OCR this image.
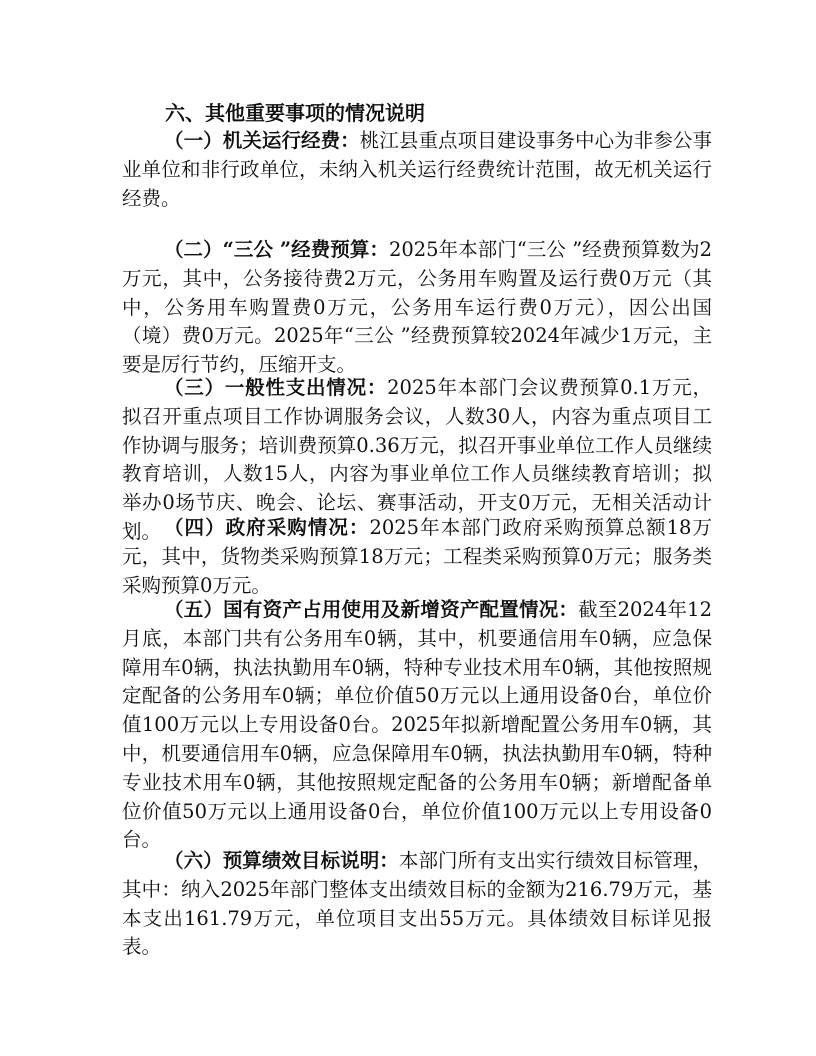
六、其他重要事项的情况说明

（一）机关运行经费：桃江县重点项目建设事务中心为非参公事业单位和非行政单位，未纳入机关运行经费统计范围，故无机关运行经费。

（二）“三公 ”经费预算：2025年本部门“三公 ”经费预算数为2万元，其中，公务接待费2万元，公务用车购置及运行费0万元（其中，公务用车购置费0万元，公务用车运行费0万元），因公出国（境）费0万元。2025年“三公 ”经费预算较2024年减少1万元，主要是厉行节约，压缩开支。

（三）一般性支出情况：2025年本部门会议费预算0.1万元，拟召开重点项目工作协调服务会议，人数30人，内容为重点项目工作协调与服务；培训费预算0.36万元，拟召开事业单位工作人员继续教育培训，人数15人，内容为事业单位工作人员继续教育培训；拟举办0场节庆、晚会、论坛、赛事活动，开支0万元，无相关活动计划。 （四）政府采购情况：2025年本部门政府采购预算总额18万元，其中，货物类采购预算18万元；工程类采购预算0万元；服务类采购预算0万元。

（五）国有资产占用使用及新增资产配置情况：截至2024年12月底，本部门共有公务用车0辆，其中，机要通信用车0辆，应急保障用车0辆，执法执勤用车0辆，特种专业技术用车0辆，其他按照规定配备的公务用车0辆；单位价值50万元以上通用设备0台，单位价值100万元以上专用设备0台。2025年拟新增配置公务用车0辆，其中，机要通信用车0辆，应急保障用车0辆，执法执勤用车0辆，特种专业技术用车0辆，其他按照规定配备的公务用车0辆；新增配备单位价值50万元以上通用设备0台，单位价值100万元以上专用设备0台。

（六）预算绩效目标说明：本部门所有支出实行绩效目标管理，其中：纳入2025年部门整体支出绩效目标的金额为216.79万元，基本支出161.79万元，单位项目支出55万元。具体绩效目标详见报表。
